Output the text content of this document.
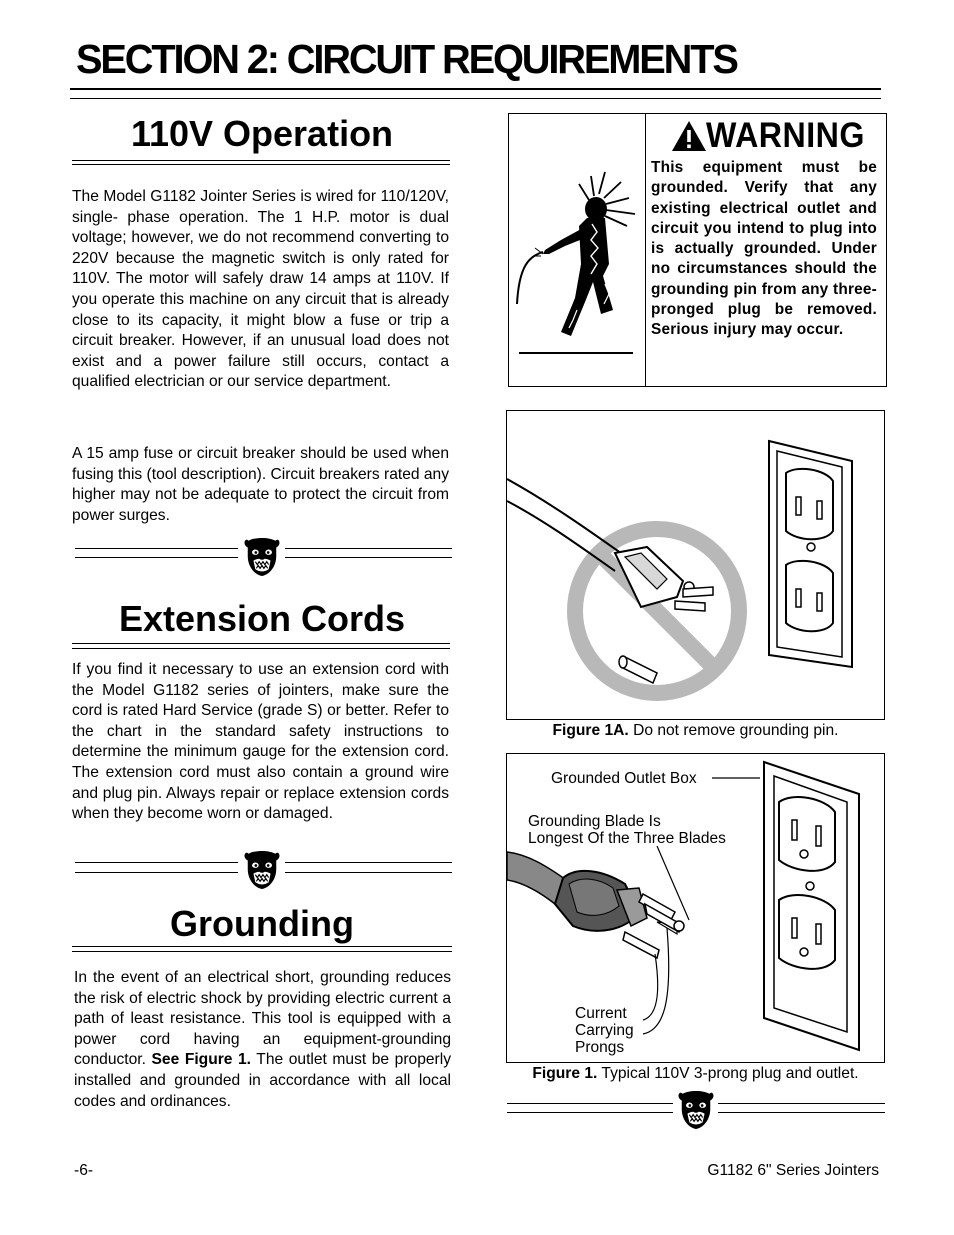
SECTION 2: CIRCUIT REQUIREMENTS
110V Operation

The Model G1182 Jointer Series is wired for 110/120V, single- phase operation. The 1 H.P. motor is dual voltage; however, we do not recommend converting to 220V because the magnetic switch is only rated for 110V. The motor will safely draw 14 amps at 110V. If you operate this machine on any circuit that is already close to its capacity, it might blow a fuse or trip a circuit breaker. However, if an unusual load does not exist and a power failure still occurs, contact a qualified electrician or our service department.

A 15 amp fuse or circuit breaker should be used when fusing this (tool description). Circuit breakers rated any higher may not be adequate to protect the circuit from power surges.

Extension Cords

If you find it necessary to use an extension cord with the Model G1182 series of jointers, make sure the cord is rated Hard Service (grade S) or better. Refer to the chart in the standard safety instructions to determine the minimum gauge for the extension cord. The extension cord must also contain a ground wire and plug pin. Always repair or replace extension cords when they become worn or damaged.

Grounding

In the event of an electrical short, grounding reduces the risk of electric shock by providing electric current a path of least resistance. This tool is equipped with a power cord having an equipment-grounding conductor. See Figure 1. The outlet must be properly installed and grounded in accordance with all local codes and ordinances.

WARNING
This equipment must be grounded. Verify that any existing electrical outlet and circuit you intend to plug into is actually grounded. Under no circumstances should the grounding pin from any three-pronged plug be removed. Serious injury may occur.
Figure 1A. Do not remove grounding pin.
Grounded Outlet Box
Grounding Blade Is
Longest Of the Three Blades
Current
Carrying
Prongs
Figure 1. Typical 110V 3-prong plug and outlet.
-6-	G1182 6" Series Jointers
